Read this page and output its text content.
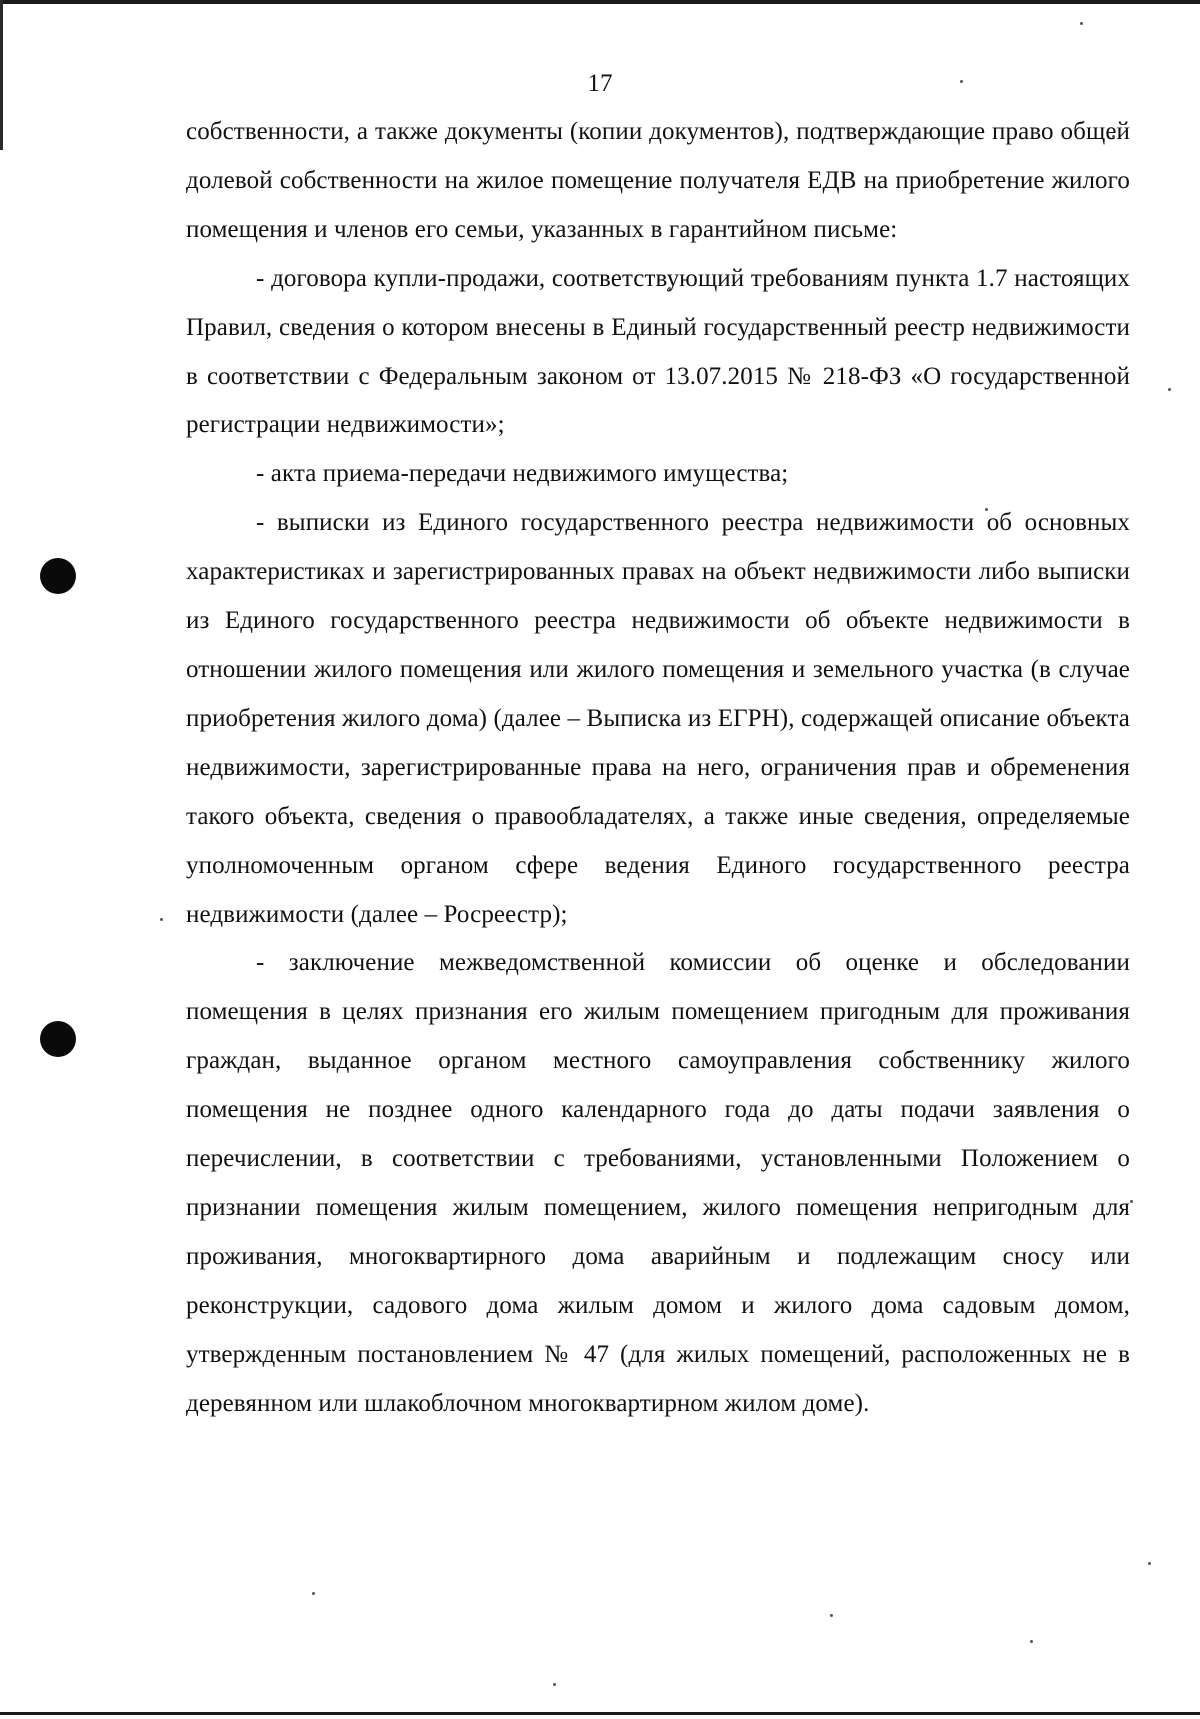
17

собственности, а также документы (копии документов), подтверждающие право общей долевой собственности на жилое помещение получателя ЕДВ на приобретение жилого помещения и членов его семьи, указанных в гарантийном письме:

- договора купли-продажи, соответствующий требованиям пункта 1.7 настоящих Правил, сведения о котором внесены в Единый государственный реестр недвижимости в соответствии с Федеральным законом от 13.07.2015 № 218-ФЗ «О государственной регистрации недвижимости»;

- акта приема-передачи недвижимого имущества;

- выписки из Единого государственного реестра недвижимости об основных характеристиках и зарегистрированных правах на объект недвижимости либо выписки из Единого государственного реестра недвижимости об объекте недвижимости в отношении жилого помещения или жилого помещения и земельного участка (в случае приобретения жилого дома) (далее – Выписка из ЕГРН), содержащей описание объекта недвижимости, зарегистрированные права на него, ограничения прав и обременения такого объекта, сведения о правообладателях, а также иные сведения, определяемые уполномоченным органом сфере ведения Единого государственного реестра недвижимости (далее – Росреестр);

- заключение межведомственной комиссии об оценке и обследовании помещения в целях признания его жилым помещением пригодным для проживания граждан, выданное органом местного самоуправления собственнику жилого помещения не позднее одного календарного года до даты подачи заявления о перечислении, в соответствии с требованиями, установленными Положением о признании помещения жилым помещением, жилого помещения непригодным для проживания, многоквартирного дома аварийным и подлежащим сносу или реконструкции, садового дома жилым домом и жилого дома садовым домом, утвержденным постановлением № 47 (для жилых помещений, расположенных не в деревянном или шлакоблочном многоквартирном жилом доме).
